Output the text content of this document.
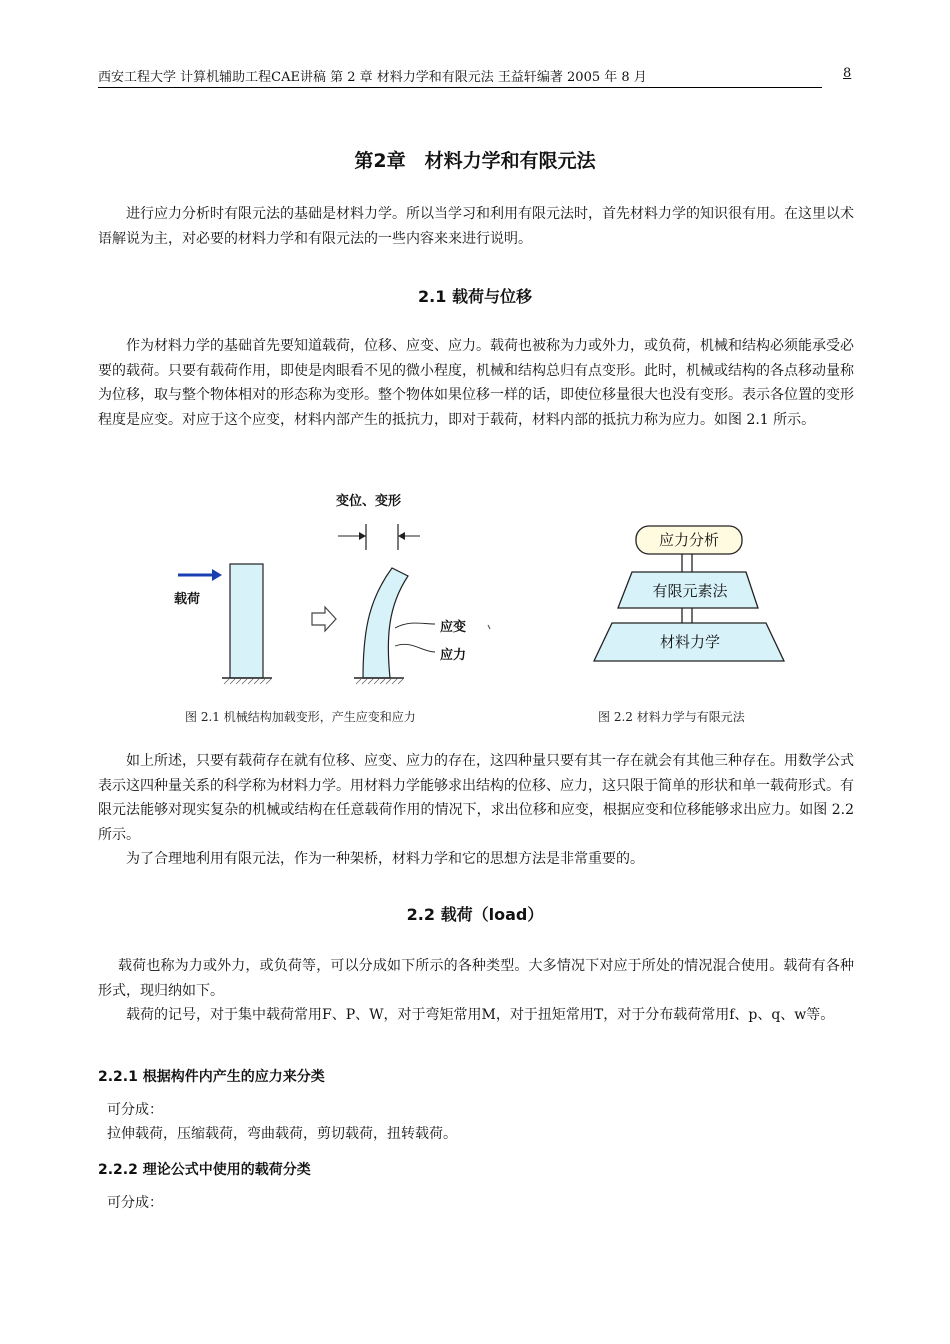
西安工程大学 计算机辅助工程CAE讲稿 第 2 章 材料力学和有限元法 王益轩编著 2005 年 8 月	8
第2章　材料力学和有限元法
进行应力分析时有限元法的基础是材料力学。所以当学习和利用有限元法时，首先材料力学的知识很有用。在这里以术语解说为主，对必要的材料力学和有限元法的一些内容来来进行说明。
2.1 载荷与位移
作为材料力学的基础首先要知道载荷，位移、应变、应力。载荷也被称为力或外力，或负荷，机械和结构必须能承受必要的载荷。只要有载荷作用，即使是肉眼看不见的微小程度，机械和结构总归有点变形。此时，机械或结构的各点移动量称为位移，取与整个物体相对的形态称为变形。整个物体如果位移一样的话，即使位移量很大也没有变形。表示各位置的变形程度是应变。对应于这个应变，材料内部产生的抵抗力，即对于载荷，材料内部的抵抗力称为应力。如图 2.1 所示。
载荷
变位、变形
应变
应力
图 2.1 机械结构加载变形，产生应变和应力
应力分析
有限元素法
材料力学
图 2.2 材料力学与有限元法
如上所述，只要有载荷存在就有位移、应变、应力的存在，这四种量只要有其一存在就会有其他三种存在。用数学公式表示这四种量关系的科学称为材料力学。用材料力学能够求出结构的位移、应力，这只限于简单的形状和单一载荷形式。有限元法能够对现实复杂的机械或结构在任意载荷作用的情况下，求出位移和应变，根据应变和位移能够求出应力。如图 2.2 所示。
为了合理地利用有限元法，作为一种架桥，材料力学和它的思想方法是非常重要的。
2.2 载荷（load）
载荷也称为力或外力，或负荷等，可以分成如下所示的各种类型。大多情况下对应于所处的情况混合使用。载荷有各种形式，现归纳如下。
载荷的记号，对于集中载荷常用F、P、W，对于弯矩常用M，对于扭矩常用T，对于分布载荷常用f、p、q、w等。
2.2.1 根据构件内产生的应力来分类
可分成：
拉伸载荷，压缩载荷，弯曲载荷，剪切载荷，扭转载荷。
2.2.2 理论公式中使用的载荷分类
可分成：
